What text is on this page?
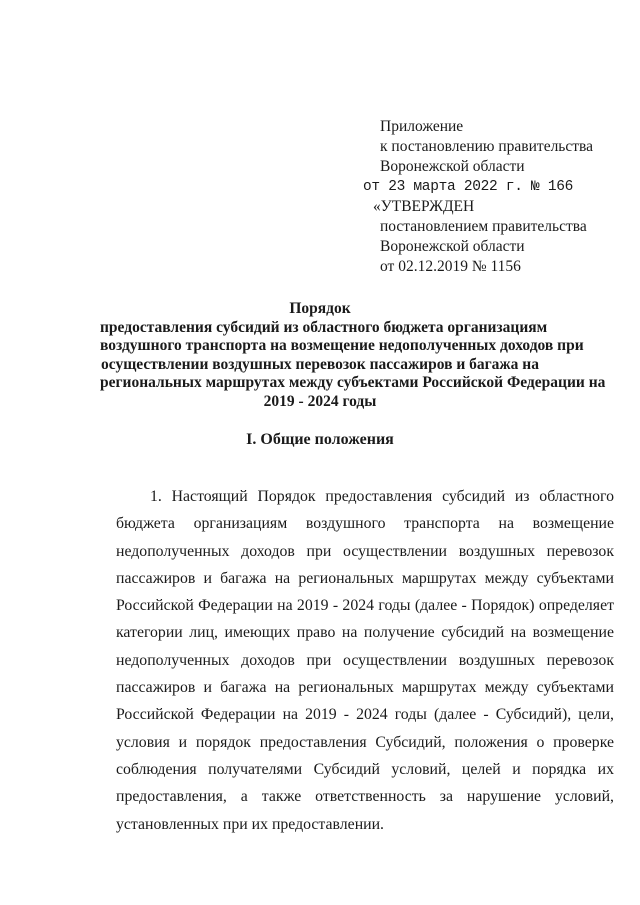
Приложение
к постановлению правительства
Воронежской области
от 23 марта 2022 г. № 166
«УТВЕРЖДЕН
постановлением правительства
Воронежской области
от 02.12.2019 № 1156
Порядок
предоставления субсидий из областного бюджета организациям
воздушного транспорта на возмещение недополученных доходов при
осуществлении воздушных перевозок пассажиров и багажа на
региональных маршрутах между субъектами Российской Федерации на
2019 - 2024 годы
I. Общие положения

1. Настоящий Порядок предоставления субсидий из областного бюджета организациям воздушного транспорта на возмещение недополученных доходов при осуществлении воздушных перевозок пассажиров и багажа на региональных маршрутах между субъектами Российской Федерации на 2019 - 2024 годы (далее - Порядок) определяет категории лиц, имеющих право на получение субсидий на возмещение недополученных доходов при осуществлении воздушных перевозок пассажиров и багажа на региональных маршрутах между субъектами Российской Федерации на 2019 - 2024 годы (далее - Субсидий), цели, условия и порядок предоставления Субсидий, положения о проверке соблюдения получателями Субсидий условий, целей и порядка их предоставления, а также ответственность за нарушение условий, установленных при их предоставлении.
